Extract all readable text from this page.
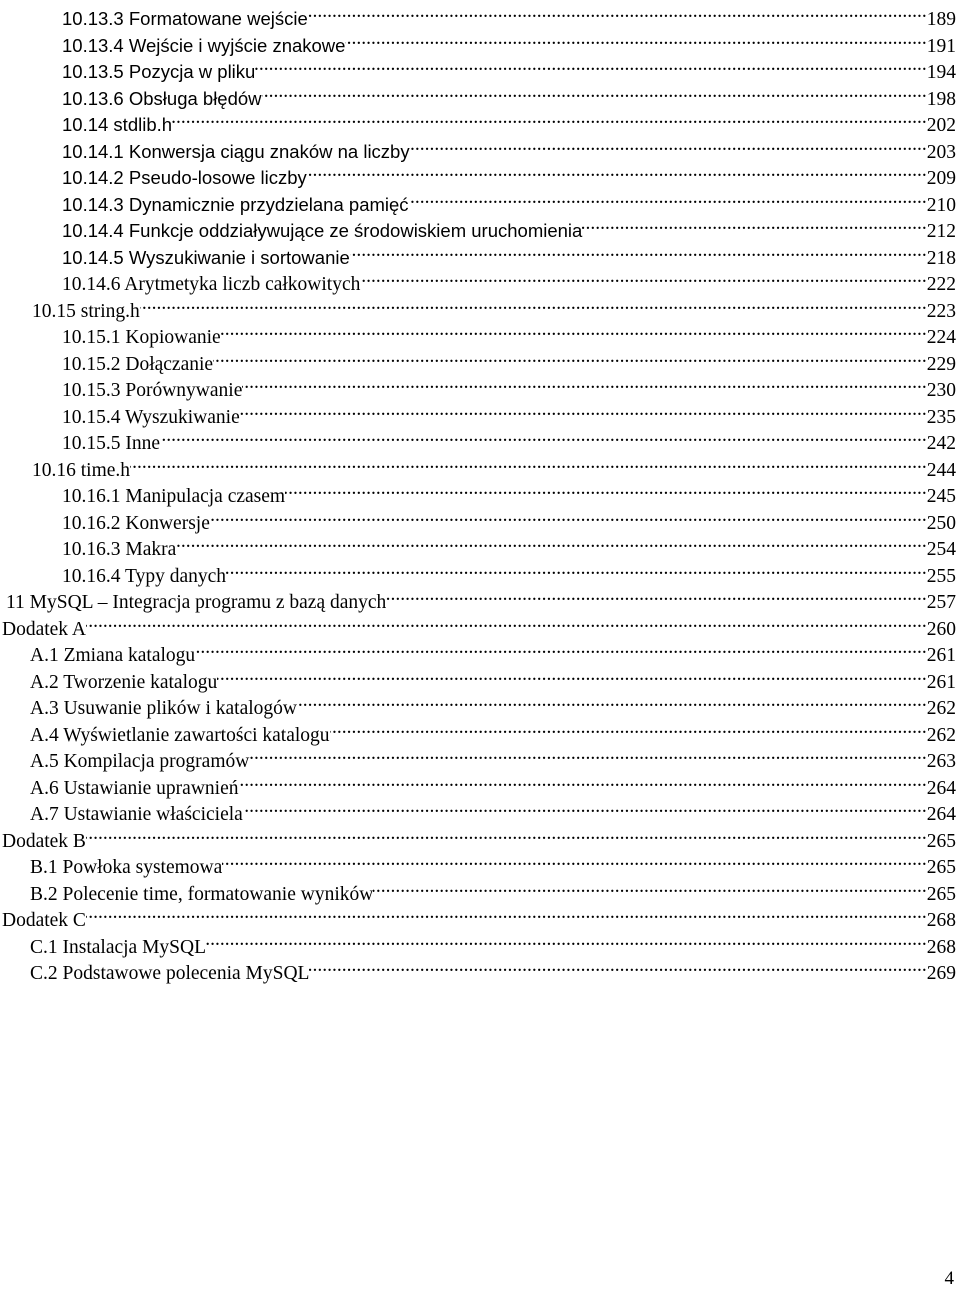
10.13.3 Formatowane wejście .....	189
10.13.4 Wejście i wyjście znakowe .....	191
10.13.5 Pozycja w pliku .....	194
10.13.6 Obsługa błędów .....	198
10.14 stdlib.h .....	202
10.14.1 Konwersja ciągu znaków na liczby .....	203
10.14.2 Pseudo-losowe liczby .....	209
10.14.3 Dynamicznie przydzielana pamięć .....	210
10.14.4 Funkcje oddziaływujące ze środowiskiem uruchomienia .....	212
10.14.5 Wyszukiwanie i sortowanie .....	218
10.14.6 Arytmetyka liczb całkowitych .....	222
10.15 string.h .....	223
10.15.1 Kopiowanie .....	224
10.15.2 Dołączanie .....	229
10.15.3 Porównywanie .....	230
10.15.4 Wyszukiwanie .....	235
10.15.5 Inne .....	242
10.16 time.h .....	244
10.16.1 Manipulacja czasem .....	245
10.16.2 Konwersje .....	250
10.16.3 Makra .....	254
10.16.4 Typy danych .....	255
11 MySQL – Integracja programu z bazą danych .....	257
Dodatek A .....	260
A.1 Zmiana katalogu .....	261
A.2 Tworzenie katalogu .....	261
A.3 Usuwanie plików i katalogów .....	262
A.4 Wyświetlanie zawartości katalogu .....	262
A.5 Kompilacja programów .....	263
A.6 Ustawianie uprawnień .....	264
A.7 Ustawianie właściciela .....	264
Dodatek B .....	265
B.1 Powłoka systemowa .....	265
B.2 Polecenie time, formatowanie wyników .....	265
Dodatek C .....	268
C.1 Instalacja MySQL .....	268
C.2 Podstawowe polecenia MySQL .....	269
4
